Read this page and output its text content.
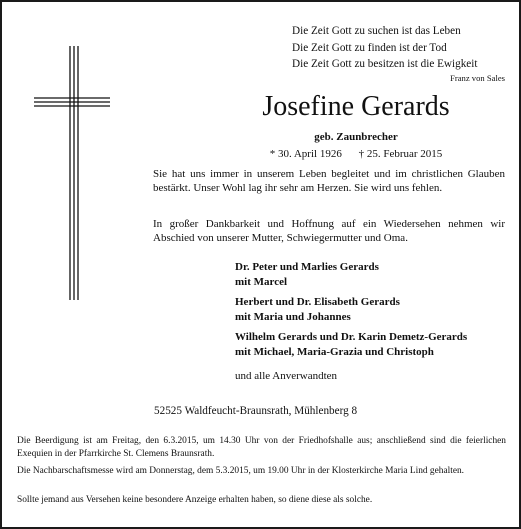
Die Zeit Gott zu suchen ist das Leben
Die Zeit Gott zu finden ist der Tod
Die Zeit Gott zu besitzen ist die Ewigkeit
Franz von Sales
Josefine Gerards
geb. Zaunbrecher
* 30. April 1926 † 25. Februar 2015
Sie hat uns immer in unserem Leben begleitet und im christlichen Glauben bestärkt. Unser Wohl lag ihr sehr am Herzen. Sie wird uns fehlen.
In großer Dankbarkeit und Hoffnung auf ein Wiedersehen nehmen wir Abschied von unserer Mutter, Schwiegermutter und Oma.
Dr. Peter und Marlies Gerards
mit Marcel
Herbert und Dr. Elisabeth Gerards
mit Maria und Johannes
Wilhelm Gerards und Dr. Karin Demetz-Gerards
mit Michael, Maria-Grazia und Christoph
und alle Anverwandten
52525 Waldfeucht-Braunsrath, Mühlenberg 8
Die Beerdigung ist am Freitag, den 6.3.2015, um 14.30 Uhr von der Friedhofshalle aus; anschließend sind die feierlichen Exequien in der Pfarrkirche St. Clemens Braunsrath.
Die Nachbarschaftsmesse wird am Donnerstag, dem 5.3.2015, um 19.00 Uhr in der Klosterkirche Maria Lind gehalten.
Sollte jemand aus Versehen keine besondere Anzeige erhalten haben, so diene diese als solche.
